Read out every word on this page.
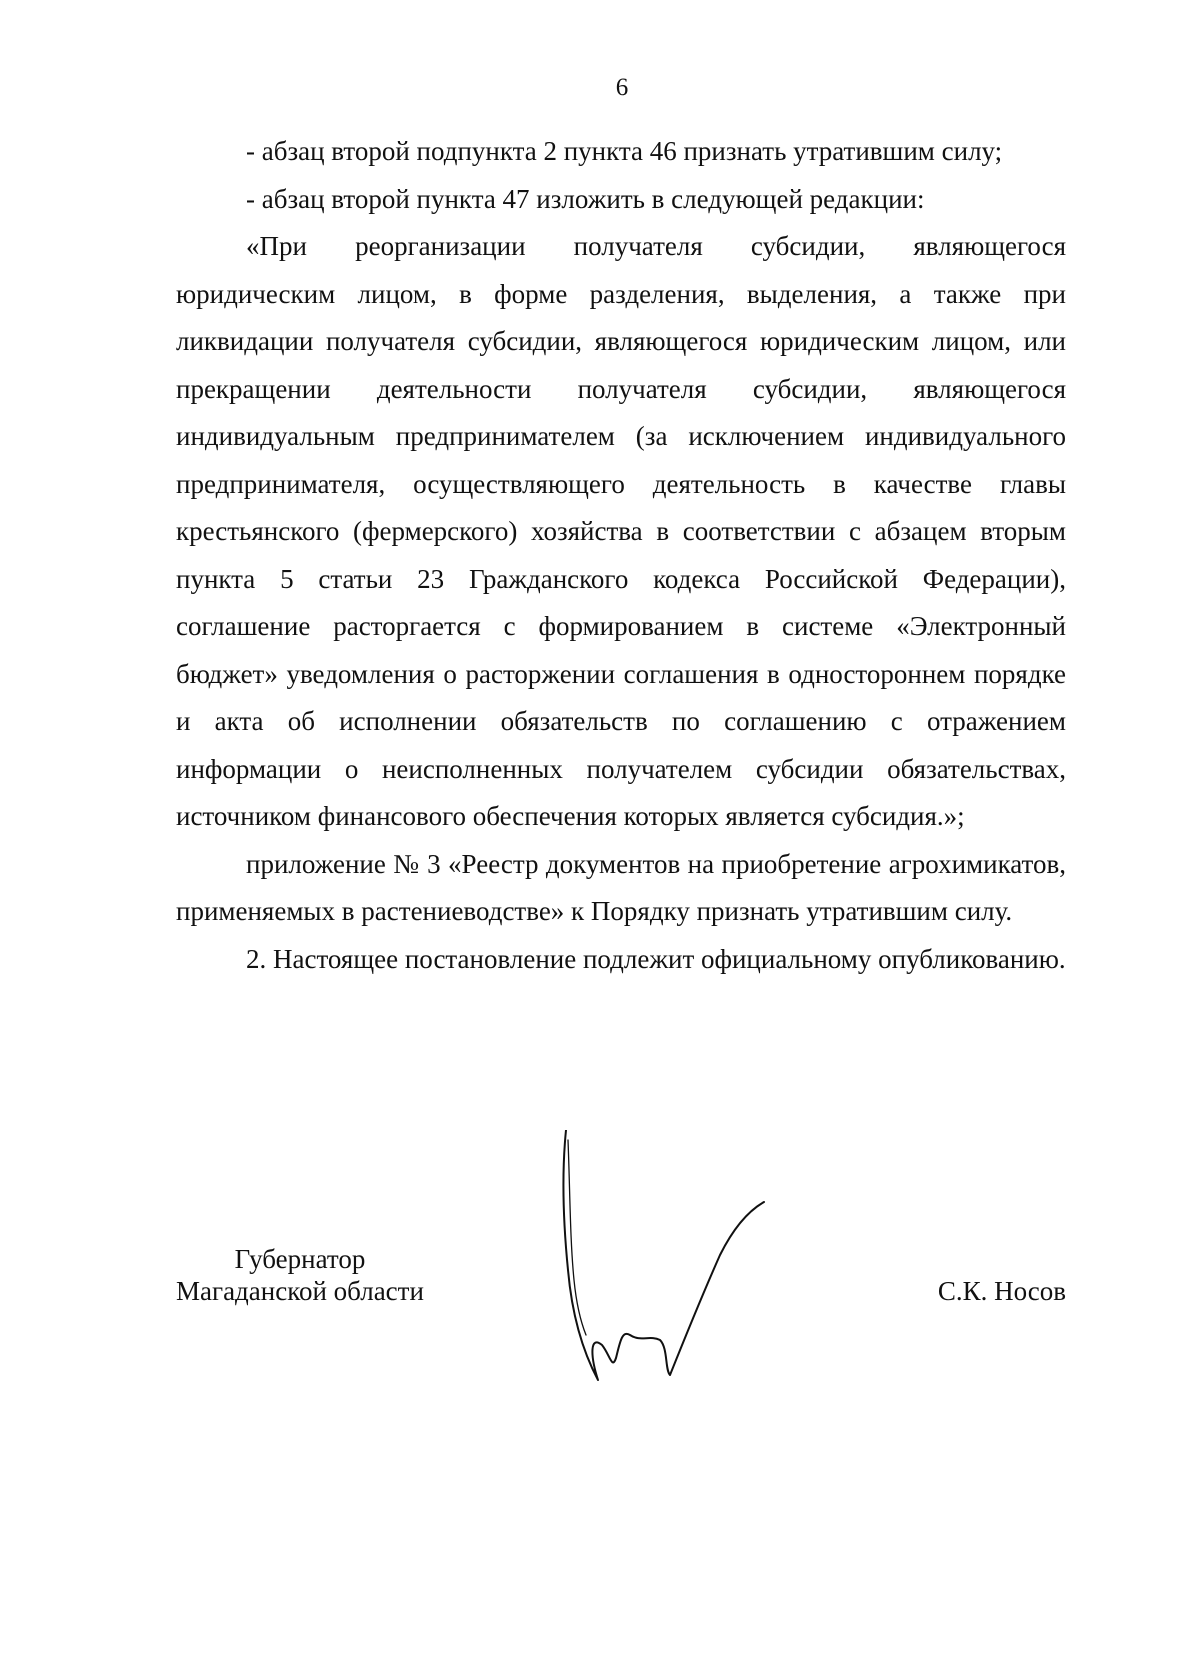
6

- абзац второй подпункта 2 пункта 46 признать утратившим силу;

- абзац второй пункта 47 изложить в следующей редакции:

«При реорганизации получателя субсидии, являющегося юридическим лицом, в форме разделения, выделения, а также при ликвидации получателя субсидии, являющегося юридическим лицом, или прекращении деятельности получателя субсидии, являющегося индивидуальным предпринимателем (за исключением индивидуального предпринимателя, осуществляющего деятельность в качестве главы крестьянского (фермерского) хозяйства в соответствии с абзацем вторым пункта 5 статьи 23 Гражданского кодекса Российской Федерации), соглашение расторгается с формированием в системе «Электронный бюджет» уведомления о расторжении соглашения в одностороннем порядке и акта об исполнении обязательств по соглашению с отражением информации о неисполненных получателем субсидии обязательствах, источником финансового обеспечения которых является субсидия.»;

приложение № 3 «Реестр документов на приобретение агрохимикатов, применяемых в растениеводстве» к Порядку признать утратившим силу.

2. Настоящее постановление подлежит официальному опубликованию.

Губернатор
Магаданской области	С.К. Носов
